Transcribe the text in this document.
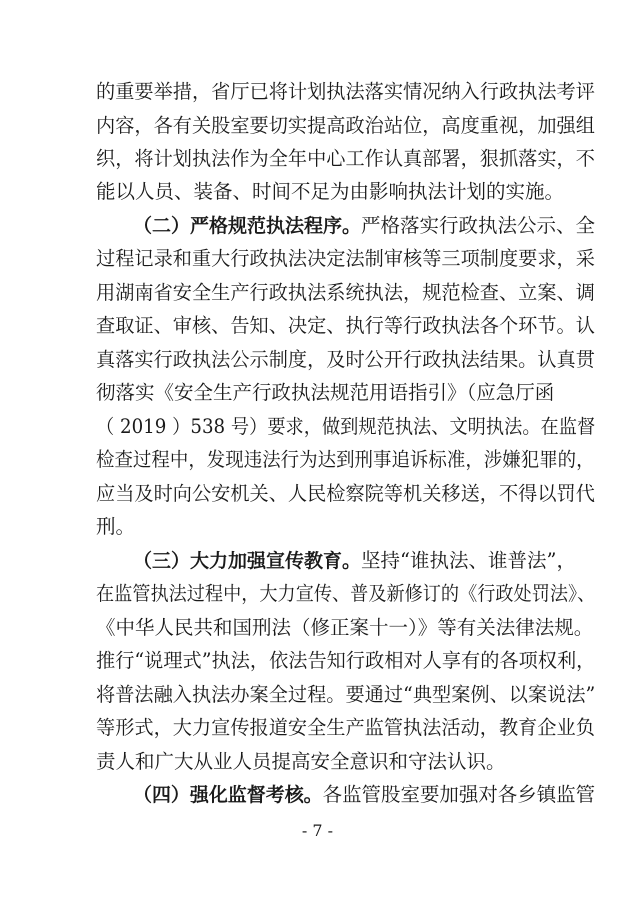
的重要举措，省厅已将计划执法落实情况纳入行政执法考评
内容，各有关股室要切实提高政治站位，高度重视，加强组
织，将计划执法作为全年中心工作认真部署，狠抓落实，不
能以人员、装备、时间不足为由影响执法计划的实施。
（二）严格规范执法程序。严格落实行政执法公示、全
过程记录和重大行政执法决定法制审核等三项制度要求，采
用湖南省安全生产行政执法系统执法，规范检查、立案、调
查取证、审核、告知、决定、执行等行政执法各个环节。认
真落实行政执法公示制度，及时公开行政执法结果。认真贯
彻落实《安全生产行政执法规范用语指引》（应急厅函
（ 2019 ）538 号）要求，做到规范执法、文明执法。在监督
检查过程中，发现违法行为达到刑事追诉标准，涉嫌犯罪的，
应当及时向公安机关、人民检察院等机关移送，不得以罚代
刑。
（三）大力加强宣传教育。坚持“谁执法、谁普法”，
在监管执法过程中，大力宣传、普及新修订的《行政处罚法》、
《中华人民共和国刑法（修正案十一）》等有关法律法规。
推行“说理式”执法，依法告知行政相对人享有的各项权利，
将普法融入执法办案全过程。要通过“典型案例、以案说法”
等形式，大力宣传报道安全生产监管执法活动，教育企业负
责人和广大从业人员提高安全意识和守法认识。
（四）强化监督考核。各监管股室要加强对各乡镇监管
- 7 -
